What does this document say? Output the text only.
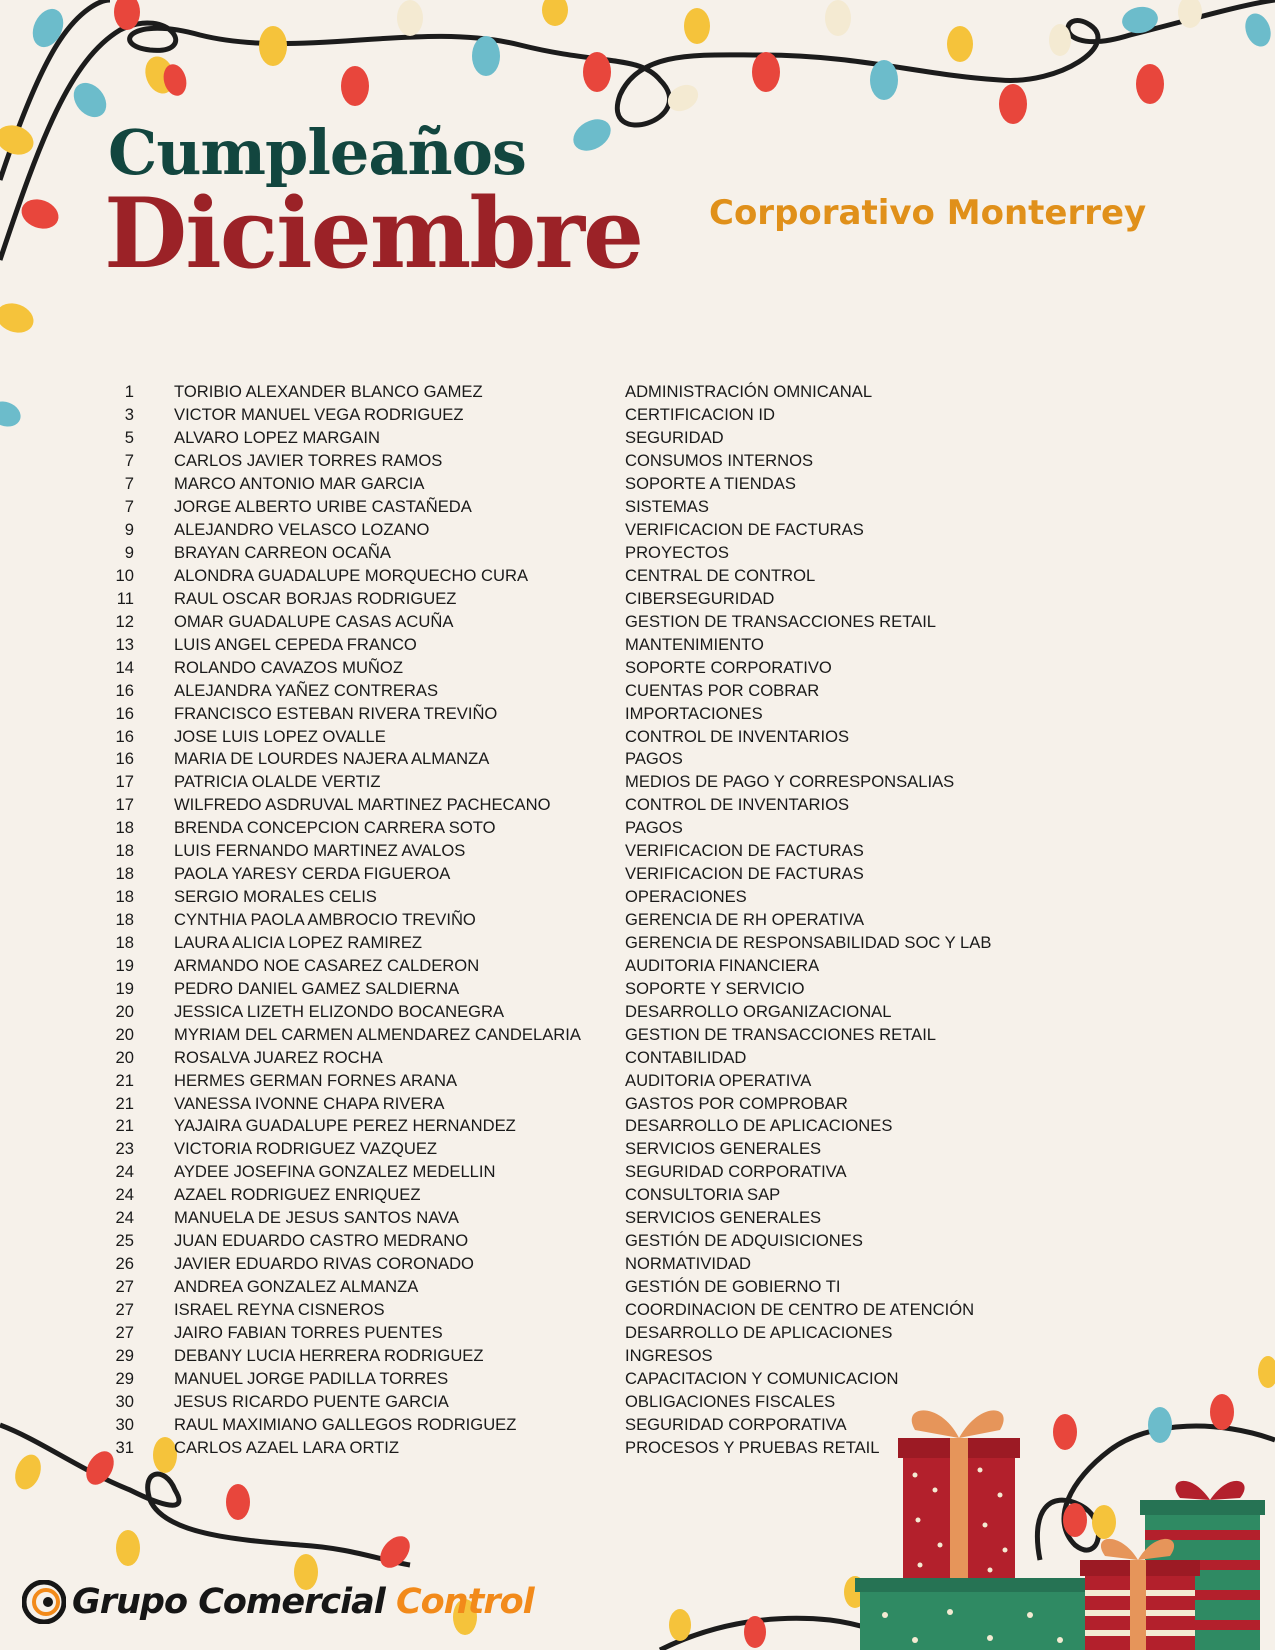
Cumpleaños
Diciembre Corporativo Monterrey
1 TORIBIO ALEXANDER BLANCO GAMEZ	ADMINISTRACIÓN OMNICANAL
3 VICTOR MANUEL VEGA RODRIGUEZ	CERTIFICACION ID
5 ALVARO LOPEZ MARGAIN	SEGURIDAD
7 CARLOS JAVIER TORRES RAMOS	CONSUMOS INTERNOS
7 MARCO ANTONIO MAR GARCIA	SOPORTE A TIENDAS
7 JORGE ALBERTO URIBE CASTAÑEDA	SISTEMAS
9 ALEJANDRO VELASCO LOZANO	VERIFICACION DE FACTURAS
9 BRAYAN CARREON OCAÑA	PROYECTOS
10 ALONDRA GUADALUPE MORQUECHO CURA	CENTRAL DE CONTROL
11 RAUL OSCAR BORJAS RODRIGUEZ	CIBERSEGURIDAD
12 OMAR GUADALUPE CASAS ACUÑA	GESTION DE TRANSACCIONES RETAIL
13 LUIS ANGEL CEPEDA FRANCO	MANTENIMIENTO
14 ROLANDO CAVAZOS MUÑOZ	SOPORTE CORPORATIVO
16 ALEJANDRA YAÑEZ CONTRERAS	CUENTAS POR COBRAR
16 FRANCISCO ESTEBAN RIVERA TREVIÑO	IMPORTACIONES
16 JOSE LUIS LOPEZ OVALLE	CONTROL DE INVENTARIOS
16 MARIA DE LOURDES NAJERA ALMANZA	PAGOS
17 PATRICIA OLALDE VERTIZ	MEDIOS DE PAGO Y CORRESPONSALIAS
17 WILFREDO ASDRUVAL MARTINEZ PACHECANO	CONTROL DE INVENTARIOS
18 BRENDA CONCEPCION CARRERA SOTO	PAGOS
18 LUIS FERNANDO MARTINEZ AVALOS	VERIFICACION DE FACTURAS
18 PAOLA YARESY CERDA FIGUEROA	VERIFICACION DE FACTURAS
18 SERGIO MORALES CELIS	OPERACIONES
18 CYNTHIA PAOLA AMBROCIO TREVIÑO	GERENCIA DE RH OPERATIVA
18 LAURA ALICIA LOPEZ RAMIREZ	GERENCIA DE RESPONSABILIDAD SOC Y LAB
19 ARMANDO NOE CASAREZ CALDERON	AUDITORIA FINANCIERA
19 PEDRO DANIEL GAMEZ SALDIERNA	SOPORTE Y SERVICIO
20 JESSICA LIZETH ELIZONDO BOCANEGRA	DESARROLLO ORGANIZACIONAL
20 MYRIAM DEL CARMEN ALMENDAREZ CANDELARIA	GESTION DE TRANSACCIONES RETAIL
20 ROSALVA JUAREZ ROCHA	CONTABILIDAD
21 HERMES GERMAN FORNES ARANA	AUDITORIA OPERATIVA
21 VANESSA IVONNE CHAPA RIVERA	GASTOS POR COMPROBAR
21 YAJAIRA GUADALUPE PEREZ HERNANDEZ	DESARROLLO DE APLICACIONES
23 VICTORIA RODRIGUEZ VAZQUEZ	SERVICIOS GENERALES
24 AYDEE JOSEFINA GONZALEZ MEDELLIN	SEGURIDAD CORPORATIVA
24 AZAEL RODRIGUEZ ENRIQUEZ	CONSULTORIA SAP
24 MANUELA DE JESUS SANTOS NAVA	SERVICIOS GENERALES
25 JUAN EDUARDO CASTRO MEDRANO	GESTIÓN DE ADQUISICIONES
26 JAVIER EDUARDO RIVAS CORONADO	NORMATIVIDAD
27 ANDREA GONZALEZ ALMANZA	GESTIÓN DE GOBIERNO TI
27 ISRAEL REYNA CISNEROS	COORDINACION DE CENTRO DE ATENCIÓN
27 JAIRO FABIAN TORRES PUENTES	DESARROLLO DE APLICACIONES
29 DEBANY LUCIA HERRERA RODRIGUEZ	INGRESOS
29 MANUEL JORGE PADILLA TORRES	CAPACITACION Y COMUNICACION
30 JESUS RICARDO PUENTE GARCIA	OBLIGACIONES FISCALES
30 RAUL MAXIMIANO GALLEGOS RODRIGUEZ	SEGURIDAD CORPORATIVA
31 CARLOS AZAEL LARA ORTIZ	PROCESOS Y PRUEBAS RETAIL
Grupo Comercial Control
